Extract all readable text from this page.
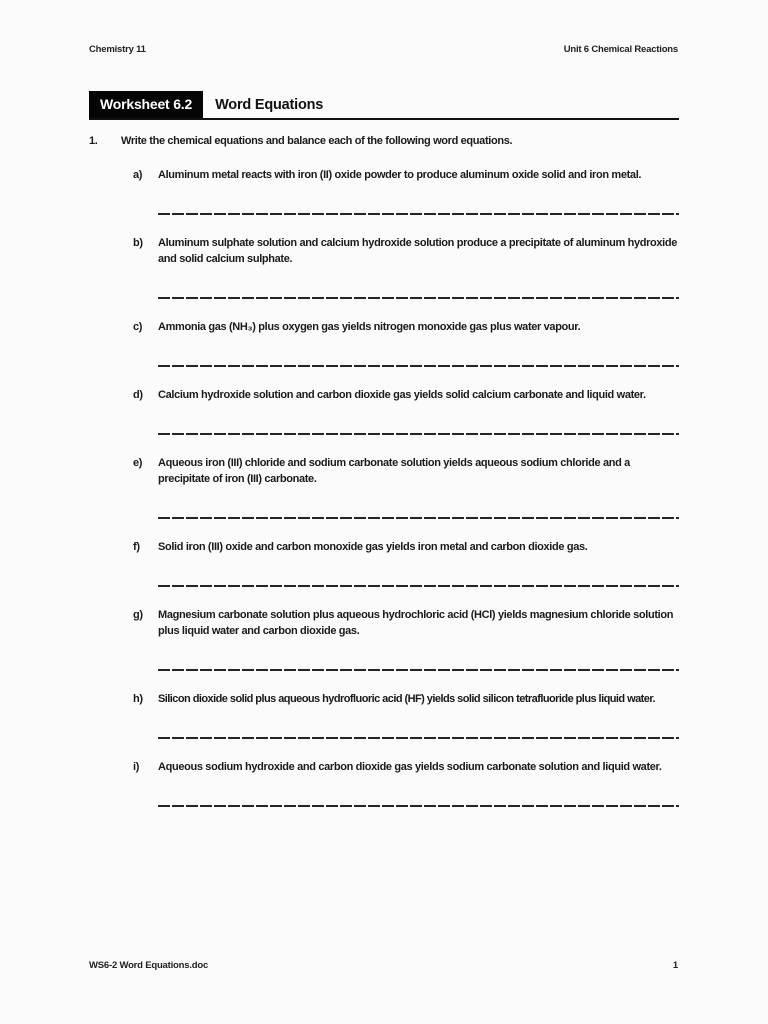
Chemistry 11	Unit 6 Chemical Reactions
Worksheet 6.2	Word Equations
1.	Write the chemical equations and balance each of the following word equations.
a)	Aluminum metal reacts with iron (II) oxide powder to produce aluminum oxide solid and iron metal.

b)	Aluminum sulphate solution and calcium hydroxide solution produce a precipitate of aluminum hydroxide and solid calcium sulphate.

c)	Ammonia gas (NH₃) plus oxygen gas yields nitrogen monoxide gas plus water vapour.

d)	Calcium hydroxide solution and carbon dioxide gas yields solid calcium carbonate and liquid water.

e)	Aqueous iron (III) chloride and sodium carbonate solution yields aqueous sodium chloride and a precipitate of iron (III) carbonate.

f)	Solid iron (III) oxide and carbon monoxide gas yields iron metal and carbon dioxide gas.

g)	Magnesium carbonate solution plus aqueous hydrochloric acid (HCl) yields magnesium chloride solution plus liquid water and carbon dioxide gas.

h)	Silicon dioxide solid plus aqueous hydrofluoric acid (HF) yields solid silicon tetrafluoride plus liquid water.

i)	Aqueous sodium hydroxide and carbon dioxide gas yields sodium carbonate solution and liquid water.

WS6-2 Word Equations.doc	1
